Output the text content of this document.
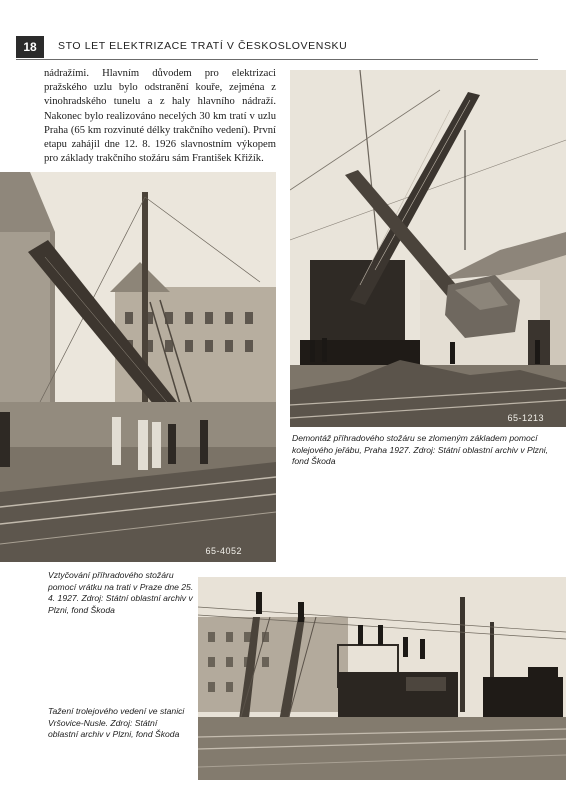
18	STO LET ELEKTRIZACE TRATÍ V ČESKOSLOVENSKU

nádražími. Hlavním důvodem pro elektrizaci pražského uzlu bylo odstranění kouře, zejména z vinohradského tunelu a z haly hlavního nádraží. Nakonec bylo realizováno necelých 30 km tratí v uzlu Praha (65 km rozvinuté délky trakčního vedení). První etapu zahájil dne 12. 8. 1926 slavnostním výkopem pro základy trakčního stožáru sám František Křižík.

65-1213

Demontáž příhradového stožáru se zlomeným základem pomocí kolejového jeřábu, Praha 1927. Zdroj: Státní oblastní archiv v Plzni, fond Škoda

65-4052

Vztyčování příhradového stožáru pomocí vrátku na trati v Praze dne 25. 4. 1927. Zdroj: Státní oblastní archiv v Plzni, fond Škoda

Tažení trolejového vedení ve stanici Vršovice-Nusle. Zdroj: Státní oblastní archiv v Plzni, fond Škoda
